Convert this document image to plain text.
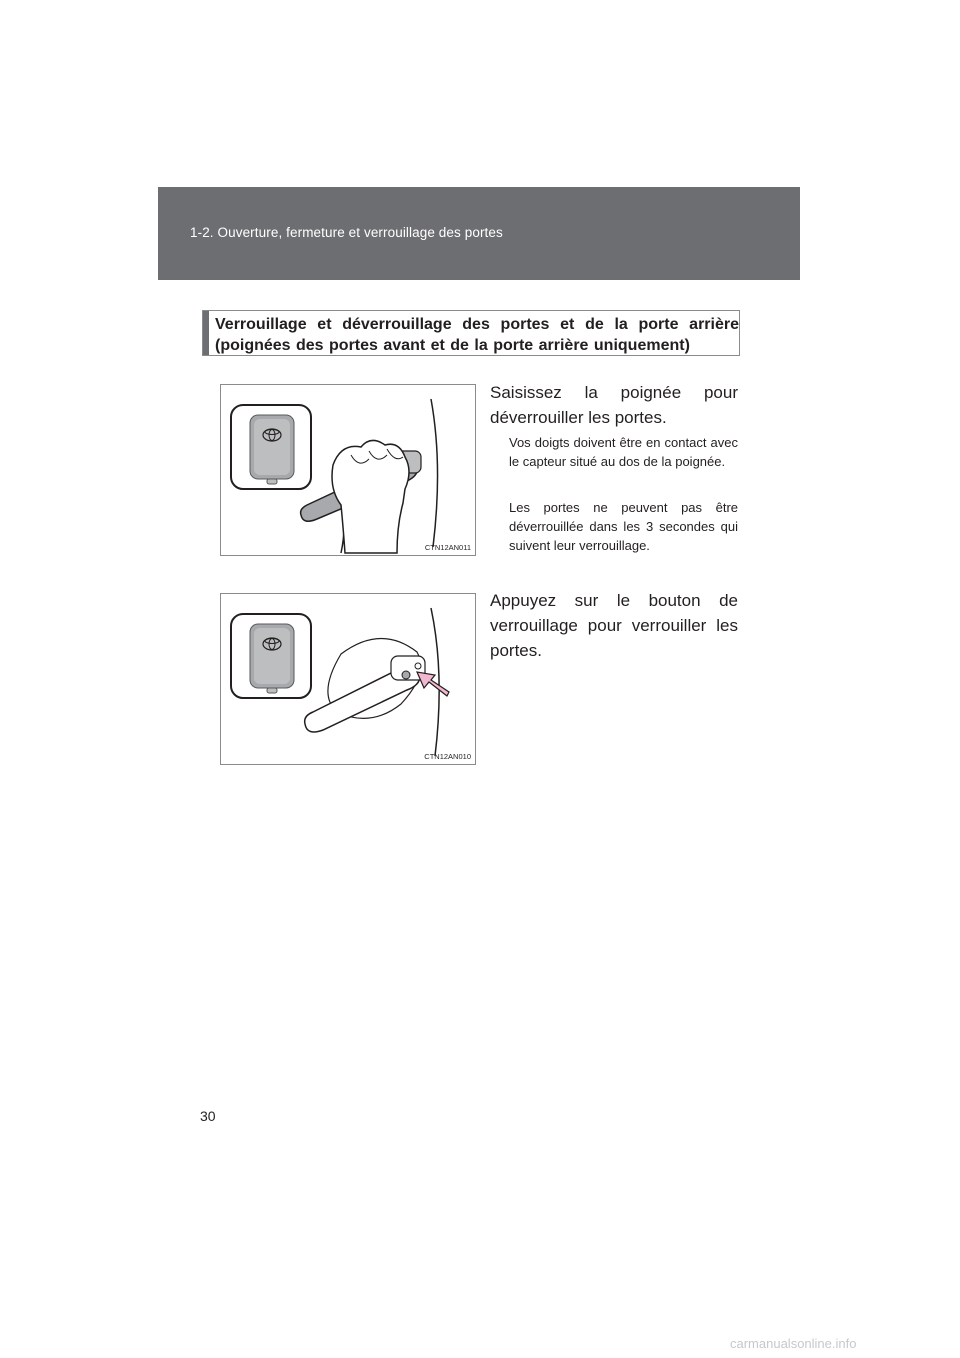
1-2. Ouverture, fermeture et verrouillage des portes
Verrouillage et déverrouillage des portes et de la porte arrière (poignées des portes avant et de la porte arrière uniquement)
CTN12AN011
CTN12AN010
Saisissez la poignée pour déverrouiller les portes.
Vos doigts doivent être en contact avec le capteur situé au dos de la poignée.
Les portes ne peuvent pas être déverrouillée dans les 3 secondes qui suivent leur verrouillage.
Appuyez sur le bouton de verrouillage pour verrouiller les portes.
30
carmanualsonline.info
